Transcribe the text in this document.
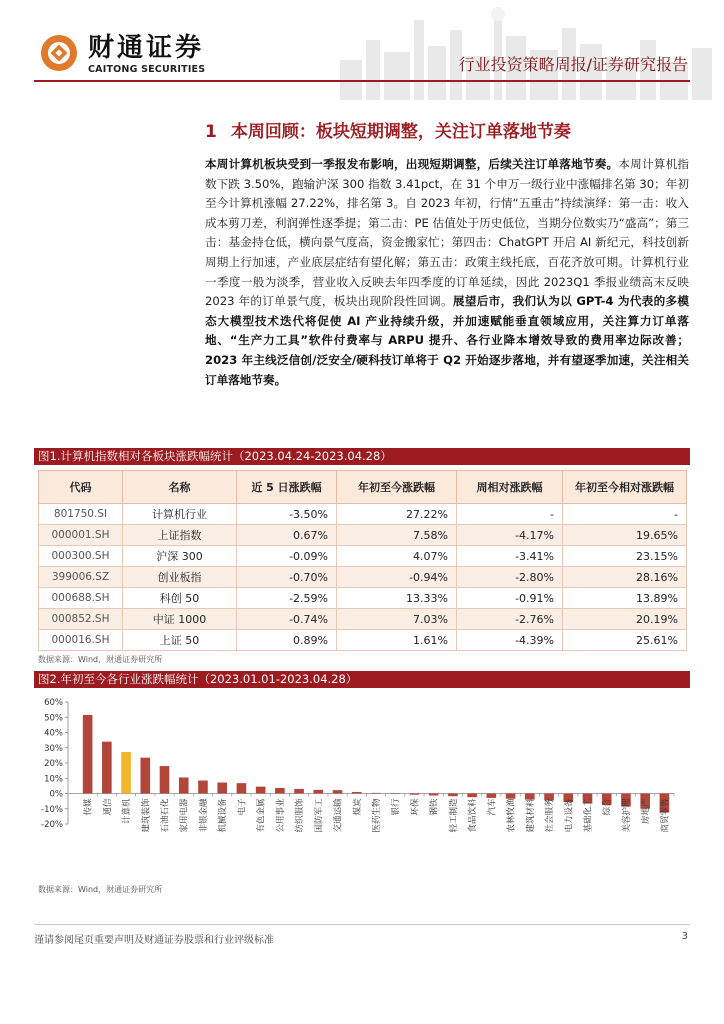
财通证券
CAITONG SECURITIES	行业投资策略周报/证券研究报告
1 本周回顾：板块短期调整，关注订单落地节奏
本周计算机板块受到一季报发布影响，出现短期调整，后续关注订单落地节奏。本周计算机指数下跌 3.50%，跑输沪深 300 指数 3.41pct，在 31 个申万一级行业中涨幅排名第 30；年初至今计算机涨幅 27.22%，排名第 3。自 2023 年初，行情“五重击”持续演绎：第一击：收入成本剪刀差，利润弹性逐季提；第二击：PE 估值处于历史低位，当期分位数实乃“盛高”；第三击：基金持仓低，横向景气度高，资金搬家忙；第四击：ChatGPT 开启 AI 新纪元，科技创新周期上行加速，产业底层症结有望化解；第五击：政策主线托底，百花齐放可期。计算机行业一季度一般为淡季，营业收入反映去年四季度的订单延续，因此 2023Q1 季报业绩高末反映 2023 年的订单景气度，板块出现阶段性回调。展望后市，我们认为以 GPT-4 为代表的多模态大模型技术迭代将促使 AI 产业持续升级，并加速赋能垂直领域应用，关注算力订单落地、“生产力工具”软件付费率与 ARPU 提升、各行业降本增效导致的费用率边际改善；2023 年主线泛信创/泛安全/硬科技订单将于 Q2 开始逐步落地，并有望逐季加速，关注相关订单落地节奏。
图1.计算机指数相对各板块涨跌幅统计（2023.04.24-2023.04.28）
代码	名称	近 5 日涨跌幅	年初至今涨跌幅	周相对涨跌幅	年初至今相对涨跌幅
801750.SI	计算机行业	-3.50%	27.22%	-	-
000001.SH	上证指数	0.67%	7.58%	-4.17%	19.65%
000300.SH	沪深 300	-0.09%	4.07%	-3.41%	23.15%
399006.SZ	创业板指	-0.70%	-0.94%	-2.80%	28.16%
000688.SH	科创 50	-2.59%	13.33%	-0.91%	13.89%
000852.SH	中证 1000	-0.74%	7.03%	-2.76%	20.19%
000016.SH	上证 50	0.89%	1.61%	-4.39%	25.61%
数据来源：Wind，财通证券研究所
图2.年初至今各行业涨跌幅统计（2023.01.01-2023.04.28）
60%
50%
40%
30%
20%
10%
0%
-10%
-20%
传媒 通信 计算机 建筑装饰 石油石化 家用电器 非银金融 机械设备 电子 有色金属 公用事业 纺织服饰 国防军工 交通运输 煤炭 医药生物 银行 环保 钢铁 轻工制造 食品饮料 汽车 农林牧渔 建筑材料 社会服务 电力设备 基础化工 综合 美容护理 房地产 商贸零售
数据来源：Wind，财通证券研究所
谨请参阅尾页重要声明及财通证券股票和行业评级标准	3
